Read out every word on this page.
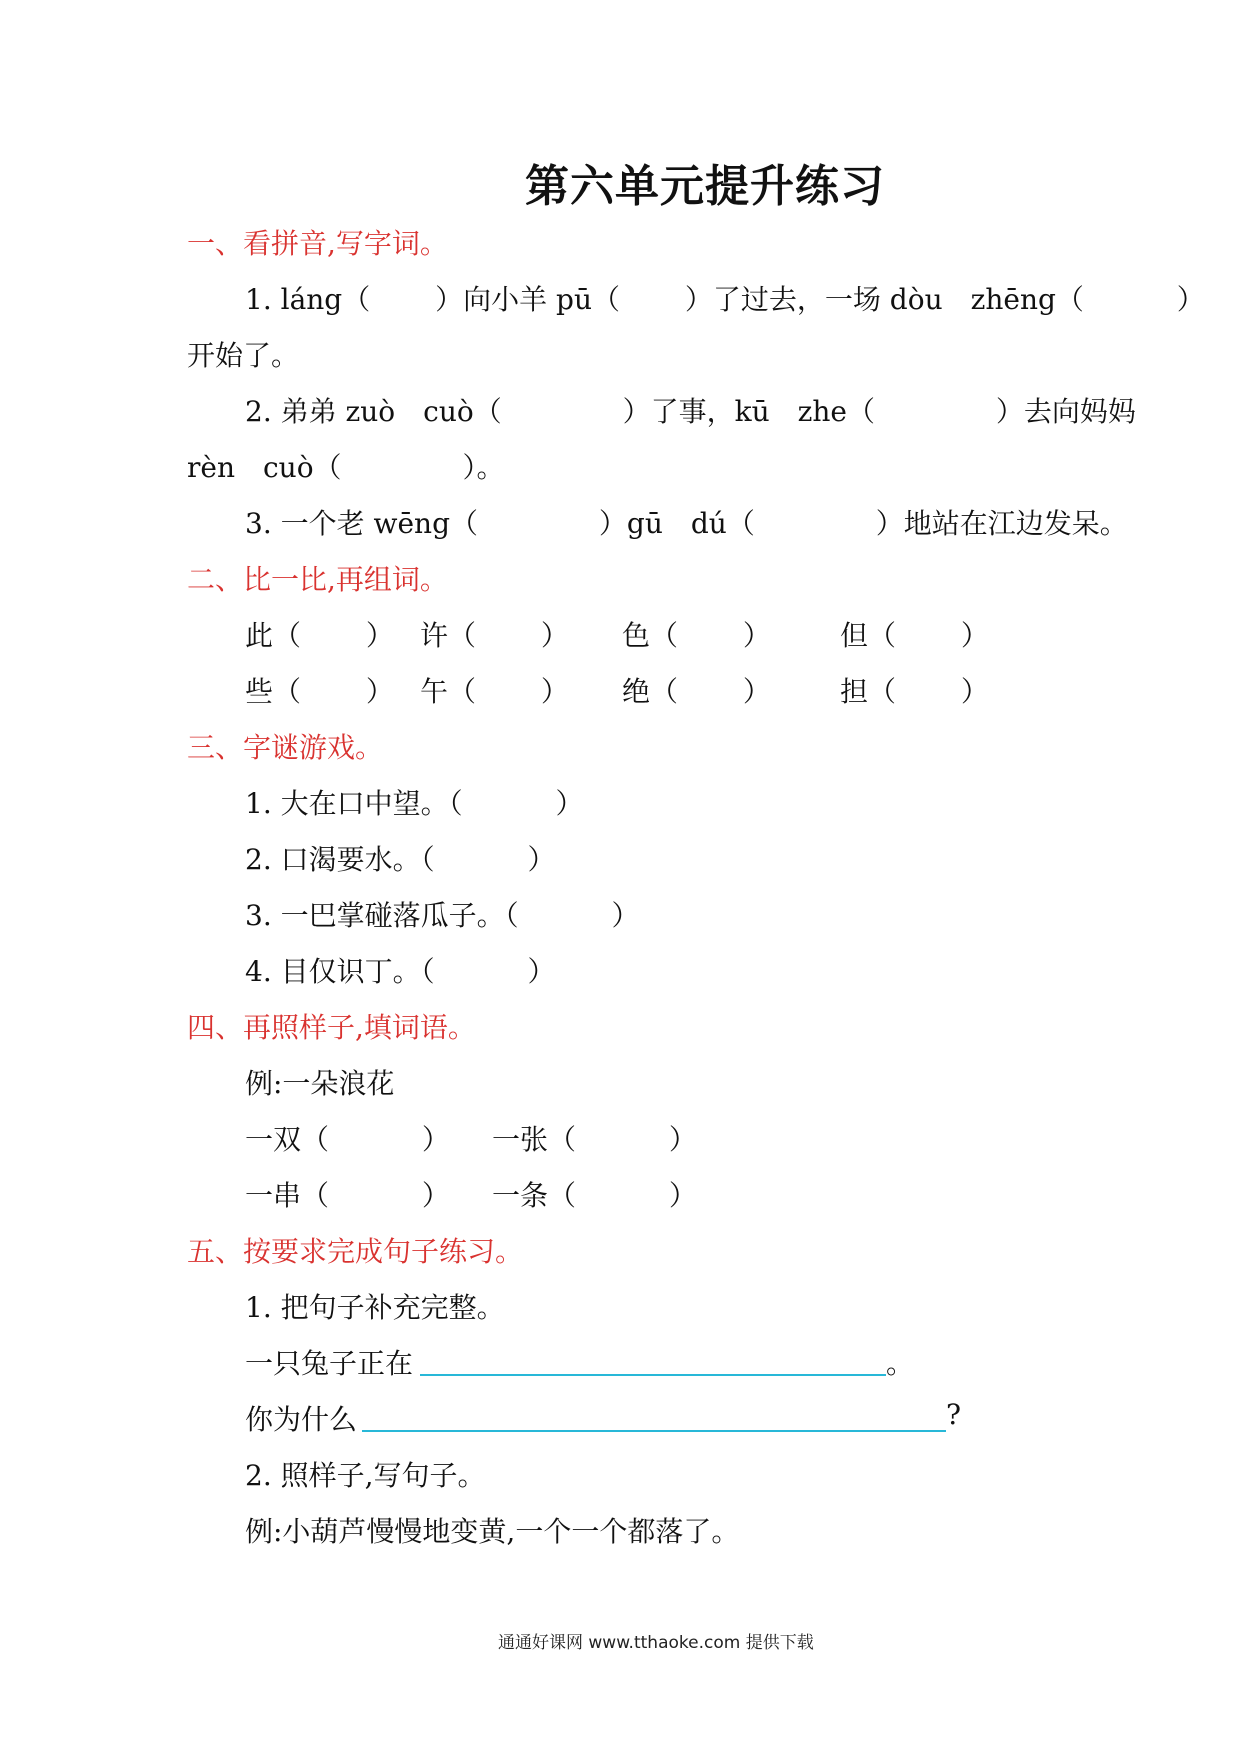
第六单元提升练习
一、看拼音,写字词。
1. láng（　　 ）向小羊 pū（　　 ）了过去，一场 dòu　zhēng（　　　 ）
开始了。
2. 弟弟 zuò　cuò（　　　　 ）了事，kū　zhe（　　　　 ）去向妈妈
rèn　cuò（　　　　 ）。
3. 一个老 wēng（　　　　 ）gū　dú（　　　　 ）地站在江边发呆。
二、比一比,再组词。
此（　　 ） 许（　　 ） 色（　　 ） 但（　　 ）
些（　　 ） 午（　　 ） 绝（　　 ） 担（　　 ）
三、字谜游戏。
1. 大在口中望。（　　　 ）
2. 口渴要水。（　　　 ）
3. 一巴掌碰落瓜子。（　　　 ）
4. 目仅识丁。（　　　 ）
四、再照样子,填词语。
例:一朵浪花
一双（　　　 ） 一张（　　　 ）
一串（　　　 ） 一条（　　　 ）
五、按要求完成句子练习。
1. 把句子补充完整。
一只兔子正在	。
你为什么	?
2. 照样子,写句子。
例:小葫芦慢慢地变黄,一个一个都落了。
通通好课网 www.tthaoke.com 提供下载
